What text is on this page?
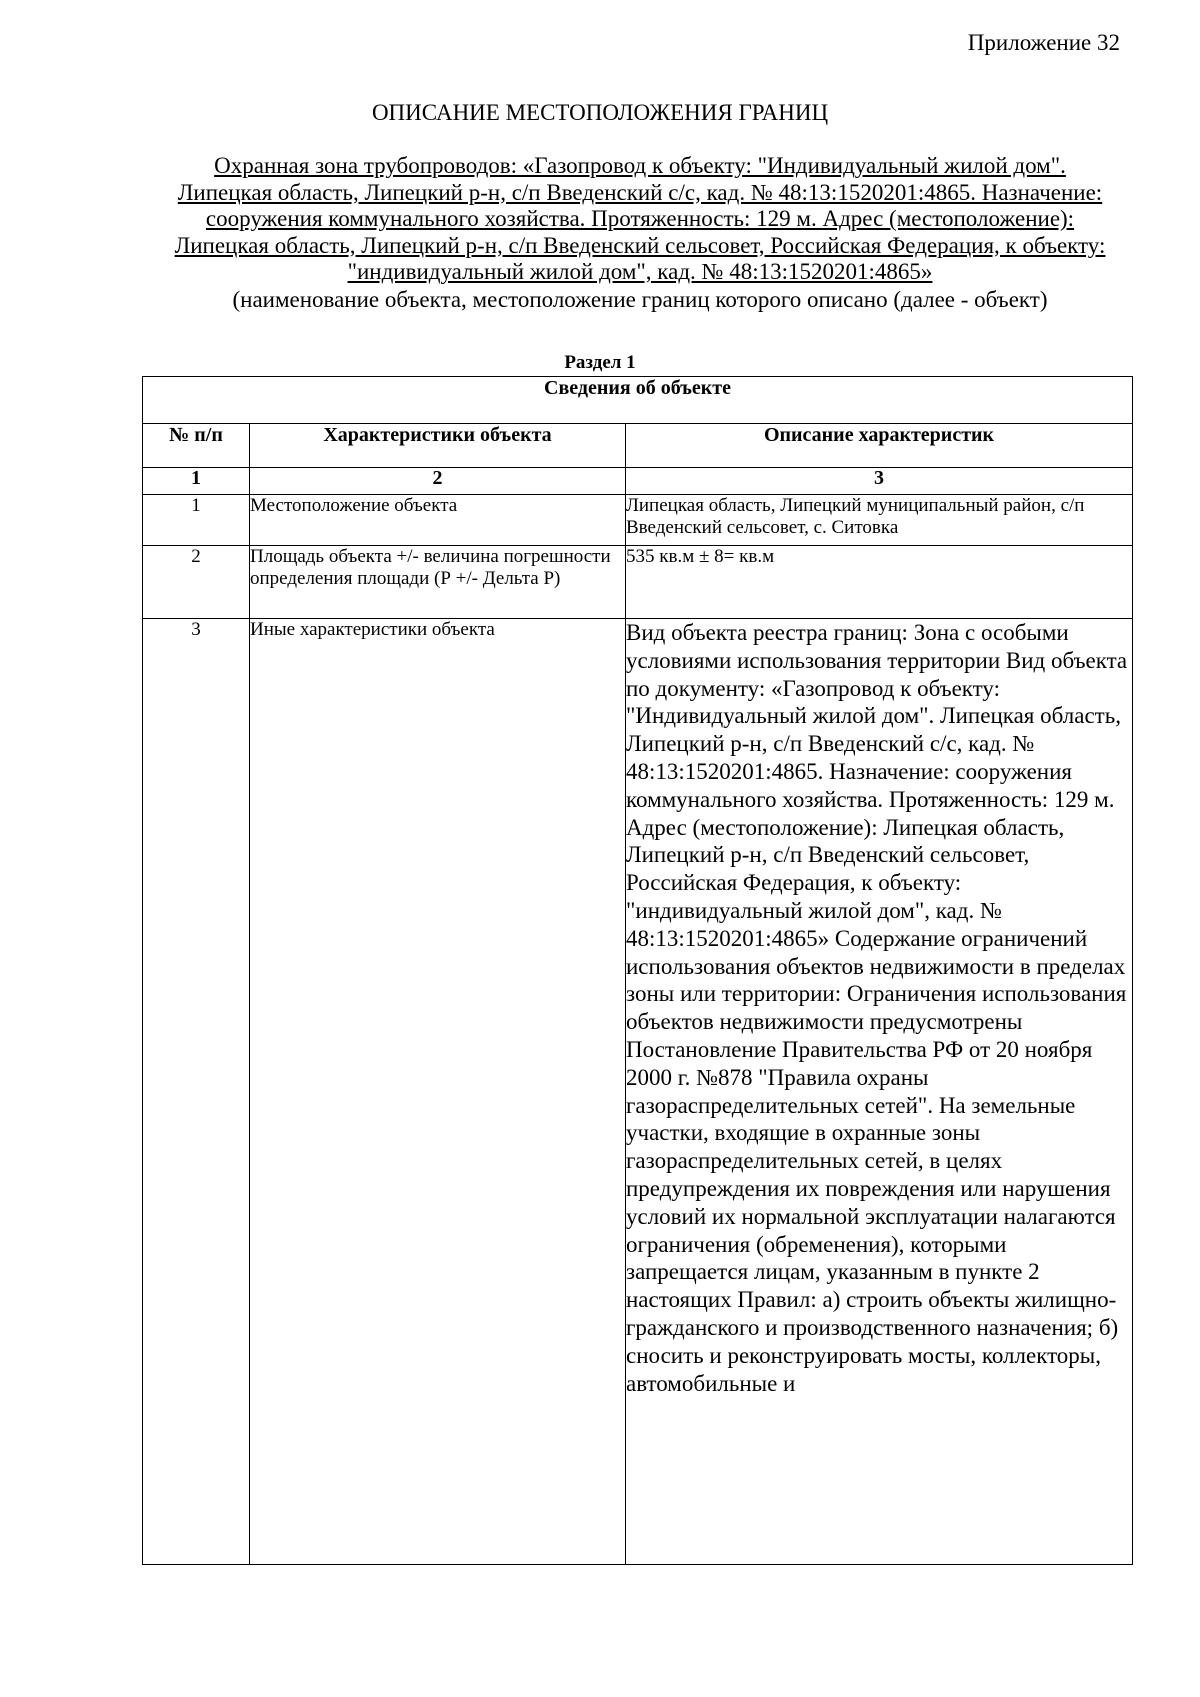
Приложение 32
ОПИСАНИЕ МЕСТОПОЛОЖЕНИЯ ГРАНИЦ
Охранная зона трубопроводов: «Газопровод к объекту: "Индивидуальный жилой дом".
Липецкая область, Липецкий р-н, с/п Введенский с/с, кад. № 48:13:1520201:4865. Назначение:
сооружения коммунального хозяйства. Протяженность: 129 м. Адрес (местоположение):
Липецкая область, Липецкий р-н, с/п Введенский сельсовет, Российская Федерация, к объекту:
"индивидуальный жилой дом", кад. № 48:13:1520201:4865»
(наименование объекта, местоположение границ которого описано (далее - объект)
Раздел 1
Сведения об объекте		
№ п/п	Характеристики объекта	Описание характеристик
1	2	3
1	Местоположение объекта	Липецкая область, Липецкий муниципальный район, с/п Введенский сельсовет, с. Ситовка
2	Площадь объекта +/- величина погрешности определения площади (Р +/- Дельта Р)	535 кв.м ± 8= кв.м
3	Иные характеристики объекта	Вид объекта реестра границ: Зона с особыми условиями использования территории Вид объекта по документу: «Газопровод к объекту: "Индивидуальный жилой дом". Липецкая область, Липецкий р-н, с/п Введенский с/с, кад. № 48:13:1520201:4865. Назначение: сооружения коммунального хозяйства. Протяженность: 129 м. Адрес (местоположение): Липецкая область, Липецкий р-н, с/п Введенский сельсовет, Российская Федерация, к объекту: "индивидуальный жилой дом", кад. № 48:13:1520201:4865» Содержание ограничений использования объектов недвижимости в пределах зоны или территории: Ограничения использования объектов недвижимости предусмотрены Постановление Правительства РФ от 20 ноября 2000 г. №878 "Правила охраны газораспределительных сетей". На земельные участки, входящие в охранные зоны газораспределительных сетей, в целях предупреждения их повреждения или нарушения условий их нормальной эксплуатации налагаются ограничения (обременения), которыми запрещается лицам, указанным в пункте 2 настоящих Правил: а) строить объекты жилищно-гражданского и производственного назначения; б) сносить и реконструировать мосты, коллекторы, автомобильные и
